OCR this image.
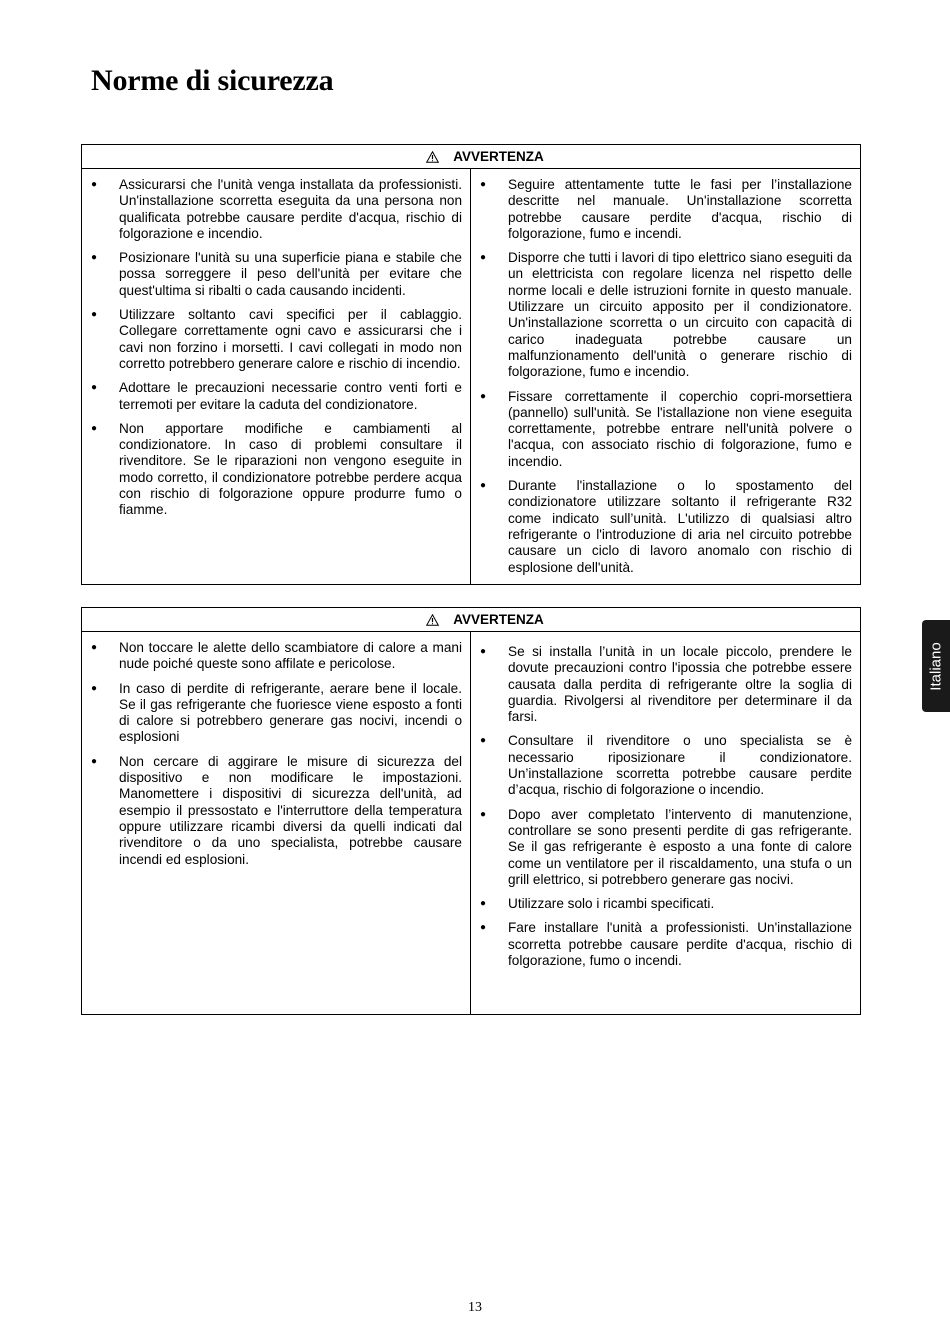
Norme di sicurezza
AVVERTENZA
● Assicurarsi che l'unità venga installata da professionisti. Un'installazione scorretta eseguita da una persona non qualificata potrebbe causare perdite d'acqua, rischio di folgorazione e incendio.
● Posizionare l'unità su una superficie piana e stabile che possa sorreggere il peso dell'unità per evitare che quest'ultima si ribalti o cada causando incidenti.
● Utilizzare soltanto cavi specifici per il cablaggio. Collegare correttamente ogni cavo e assicurarsi che i cavi non forzino i morsetti. I cavi collegati in modo non corretto potrebbero generare calore e rischio di incendio.
● Adottare le precauzioni necessarie contro venti forti e terremoti per evitare la caduta del condizionatore.
● Non apportare modifiche e cambiamenti al condizionatore. In caso di problemi consultare il rivenditore. Se le riparazioni non vengono eseguite in modo corretto, il condizionatore potrebbe perdere acqua con rischio di folgorazione oppure produrre fumo o fiamme.
● Seguire attentamente tutte le fasi per l’installazione descritte nel manuale. Un'installazione scorretta potrebbe causare perdite d'acqua, rischio di folgorazione, fumo e incendi.
● Disporre che tutti i lavori di tipo elettrico siano eseguiti da un elettricista con regolare licenza nel rispetto delle norme locali e delle istruzioni fornite in questo manuale. Utilizzare un circuito apposito per il condizionatore. Un'installazione scorretta o un circuito con capacità di carico inadeguata potrebbe causare un malfunzionamento dell'unità o generare rischio di folgorazione, fumo e incendio.
● Fissare correttamente il coperchio copri-morsettiera (pannello) sull'unità. Se l'istallazione non viene eseguita correttamente, potrebbe entrare nell'unità polvere o l'acqua, con associato rischio di folgorazione, fumo e incendio.
● Durante l'installazione o lo spostamento del condizionatore utilizzare soltanto il refrigerante R32 come indicato sull’unità. L'utilizzo di qualsiasi altro refrigerante o l'introduzione di aria nel circuito potrebbe causare un ciclo di lavoro anomalo con rischio di esplosione dell'unità.
AVVERTENZA
● Non toccare le alette dello scambiatore di calore a mani nude poiché queste sono affilate e pericolose.
● In caso di perdite di refrigerante, aerare bene il locale. Se il gas refrigerante che fuoriesce viene esposto a fonti di calore si potrebbero generare gas nocivi, incendi o esplosioni
● Non cercare di aggirare le misure di sicurezza del dispositivo e non modificare le impostazioni. Manomettere i dispositivi di sicurezza dell'unità, ad esempio il pressostato e l'interruttore della temperatura oppure utilizzare ricambi diversi da quelli indicati dal rivenditore o da uno specialista, potrebbe causare incendi ed esplosioni.
● Se si installa l’unità in un locale piccolo, prendere le dovute precauzioni contro l'ipossia che potrebbe essere causata dalla perdita di refrigerante oltre la soglia di guardia. Rivolgersi al rivenditore per determinare il da farsi.
● Consultare il rivenditore o uno specialista se è necessario riposizionare il condizionatore. Un’installazione scorretta potrebbe causare perdite d’acqua, rischio di folgorazione o incendio.
● Dopo aver completato l’intervento di manutenzione, controllare se sono presenti perdite di gas refrigerante. Se il gas refrigerante è esposto a una fonte di calore come un ventilatore per il riscaldamento, una stufa o un grill elettrico, si potrebbero generare gas nocivi.
● Utilizzare solo i ricambi specificati.
● Fare installare l'unità a professionisti. Un'installazione scorretta potrebbe causare perdite d'acqua, rischio di folgorazione, fumo o incendi.
Italiano
13
